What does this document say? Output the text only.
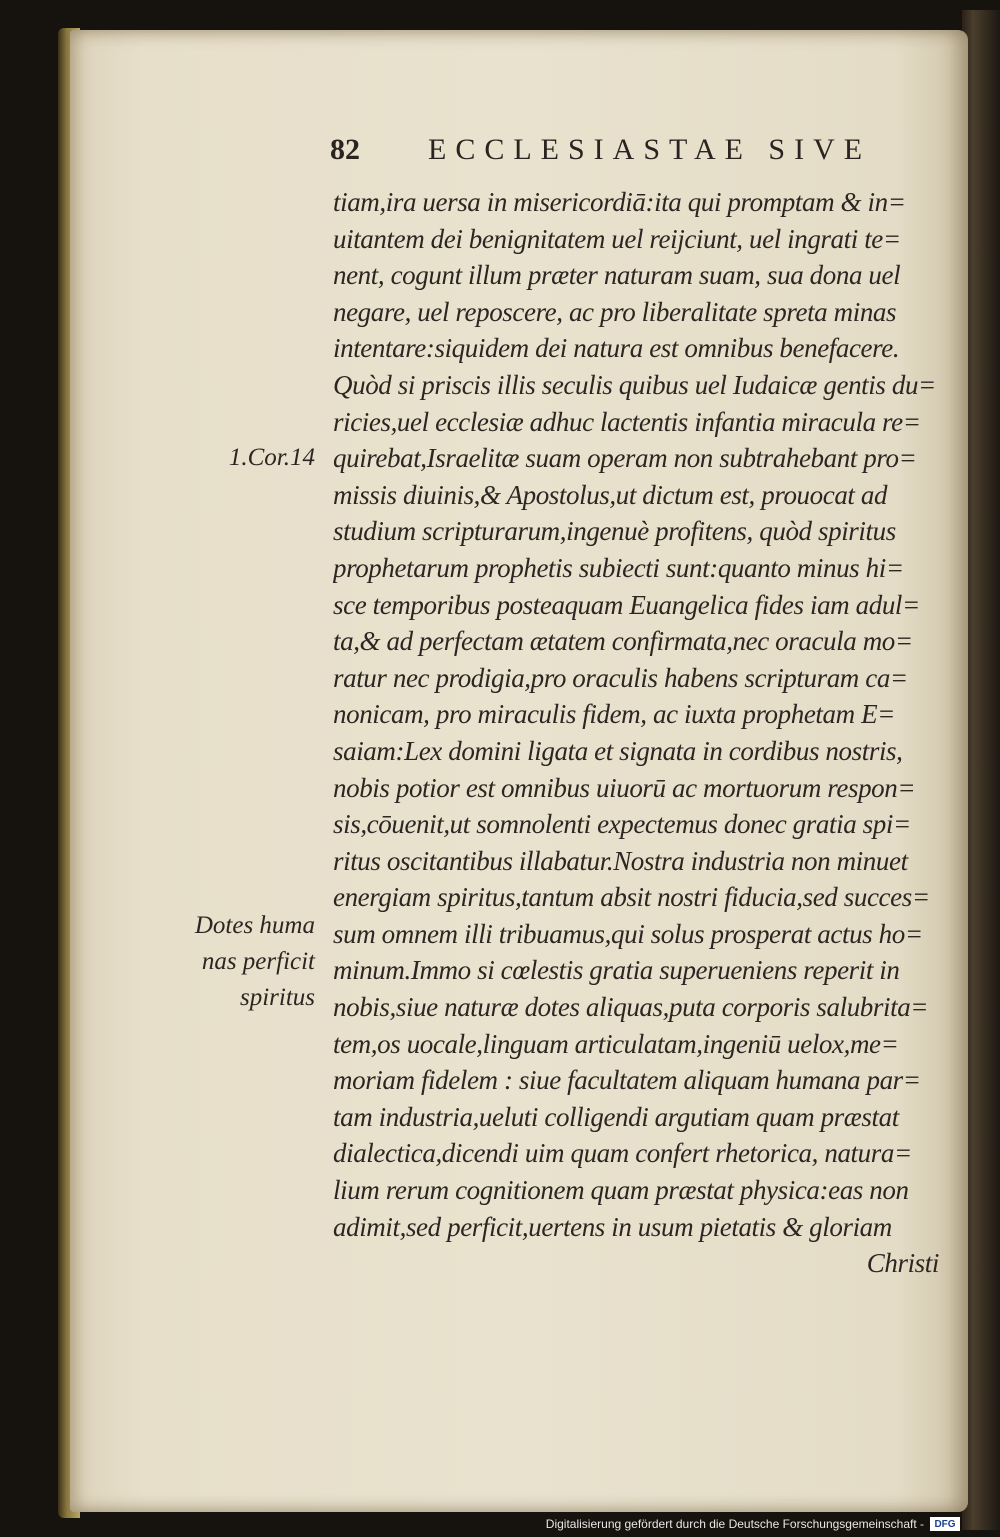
82	ECCLESIASTAE SIVE
tiam,ira uersa in misericordiā:ita qui promptam & in=
uitantem dei benignitatem uel reijciunt, uel ingrati te=
nent, cogunt illum præter naturam suam, sua dona uel
negare, uel reposcere, ac pro liberalitate spreta minas
intentare:siquidem dei natura est omnibus benefacere.
Quòd si priscis illis seculis quibus uel Iudaicæ gentis du=
ricies,uel ecclesiæ adhuc lactentis infantia miracula re=
quirebat,Israelitæ suam operam non subtrahebant pro=
missis diuinis,& Apostolus,ut dictum est, prouocat ad
studium scripturarum,ingenuè profitens, quòd spiritus
prophetarum prophetis subiecti sunt:quanto minus hi=
sce temporibus posteaquam Euangelica fides iam adul=
ta,& ad perfectam ætatem confirmata,nec oracula mo=
ratur nec prodigia,pro oraculis habens scripturam ca=
nonicam, pro miraculis fidem, ac iuxta prophetam E=
saiam:Lex domini ligata et signata in cordibus nostris,
nobis potior est omnibus uiuorū ac mortuorum respon=
sis,cōuenit,ut somnolenti expectemus donec gratia spi=
ritus oscitantibus illabatur.Nostra industria non minuet
energiam spiritus,tantum absit nostri fiducia,sed succes=
sum omnem illi tribuamus,qui solus prosperat actus ho=
minum.Immo si cœlestis gratia superueniens reperit in
nobis,siue naturæ dotes aliquas,puta corporis salubrita=
tem,os uocale,linguam articulatam,ingeniū uelox,me=
moriam fidelem : siue facultatem aliquam humana par=
tam industria,ueluti colligendi argutiam quam præstat
dialectica,dicendi uim quam confert rhetorica, natura=
lium rerum cognitionem quam præstat physica:eas non
adimit,sed perficit,uertens in usum pietatis & gloriam
Christi
1.Cor.14
Dotes huma
nas perficit
spiritus
Digitalisierung gefördert durch die Deutsche Forschungsgemeinschaft -	DFG
